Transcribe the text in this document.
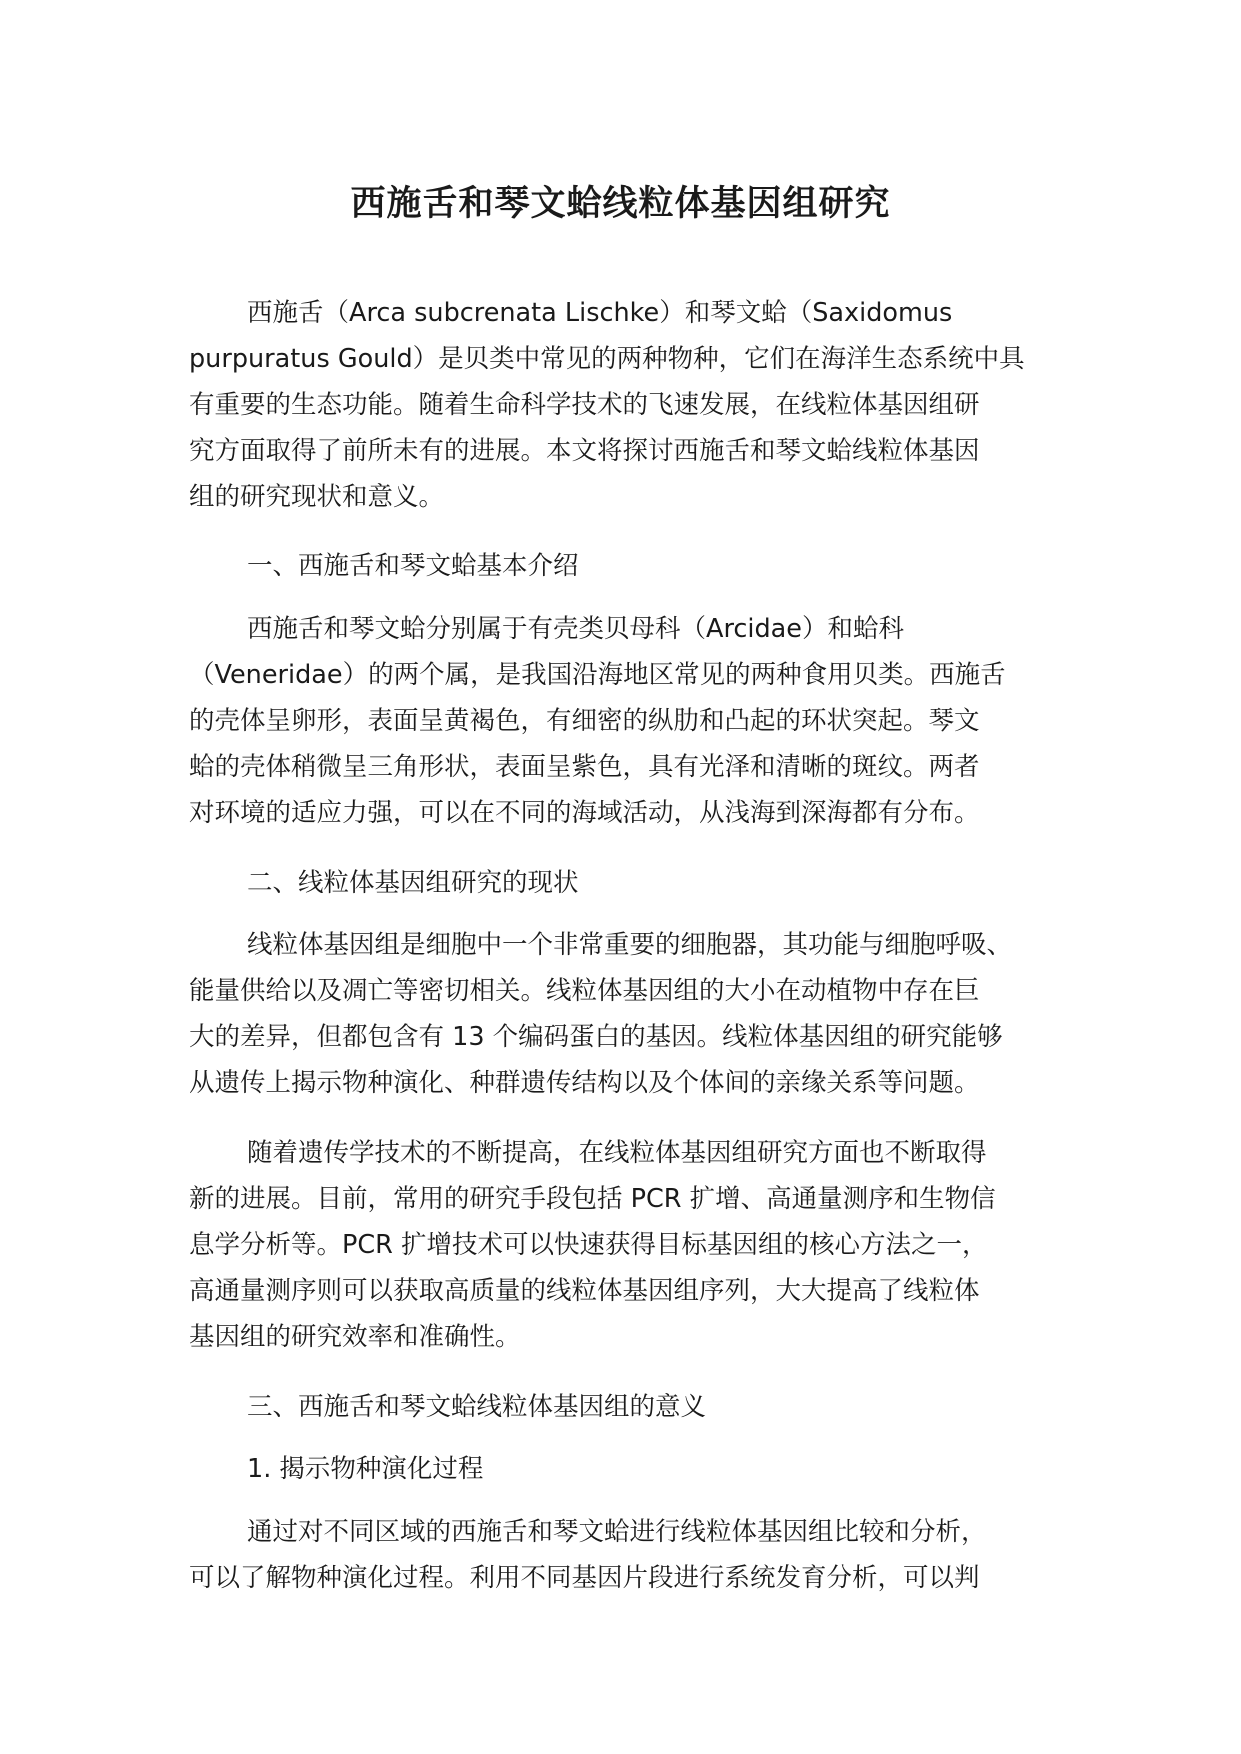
西施舌和琴文蛤线粒体基因组研究
西施舌（Arca subcrenata Lischke）和琴文蛤（Saxidomus
purpuratus Gould）是贝类中常见的两种物种，它们在海洋生态系统中具
有重要的生态功能。随着生命科学技术的飞速发展，在线粒体基因组研
究方面取得了前所未有的进展。本文将探讨西施舌和琴文蛤线粒体基因
组的研究现状和意义。
一、西施舌和琴文蛤基本介绍
西施舌和琴文蛤分别属于有壳类贝母科（Arcidae）和蛤科
（Veneridae）的两个属，是我国沿海地区常见的两种食用贝类。西施舌
的壳体呈卵形，表面呈黄褐色，有细密的纵肋和凸起的环状突起。琴文
蛤的壳体稍微呈三角形状，表面呈紫色，具有光泽和清晰的斑纹。两者
对环境的适应力强，可以在不同的海域活动，从浅海到深海都有分布。
二、线粒体基因组研究的现状
线粒体基因组是细胞中一个非常重要的细胞器，其功能与细胞呼吸、
能量供给以及凋亡等密切相关。线粒体基因组的大小在动植物中存在巨
大的差异，但都包含有 13 个编码蛋白的基因。线粒体基因组的研究能够
从遗传上揭示物种演化、种群遗传结构以及个体间的亲缘关系等问题。
随着遗传学技术的不断提高，在线粒体基因组研究方面也不断取得
新的进展。目前，常用的研究手段包括 PCR 扩增、高通量测序和生物信
息学分析等。PCR 扩增技术可以快速获得目标基因组的核心方法之一，
高通量测序则可以获取高质量的线粒体基因组序列，大大提高了线粒体
基因组的研究效率和准确性。
三、西施舌和琴文蛤线粒体基因组的意义
1. 揭示物种演化过程
通过对不同区域的西施舌和琴文蛤进行线粒体基因组比较和分析，
可以了解物种演化过程。利用不同基因片段进行系统发育分析，可以判
